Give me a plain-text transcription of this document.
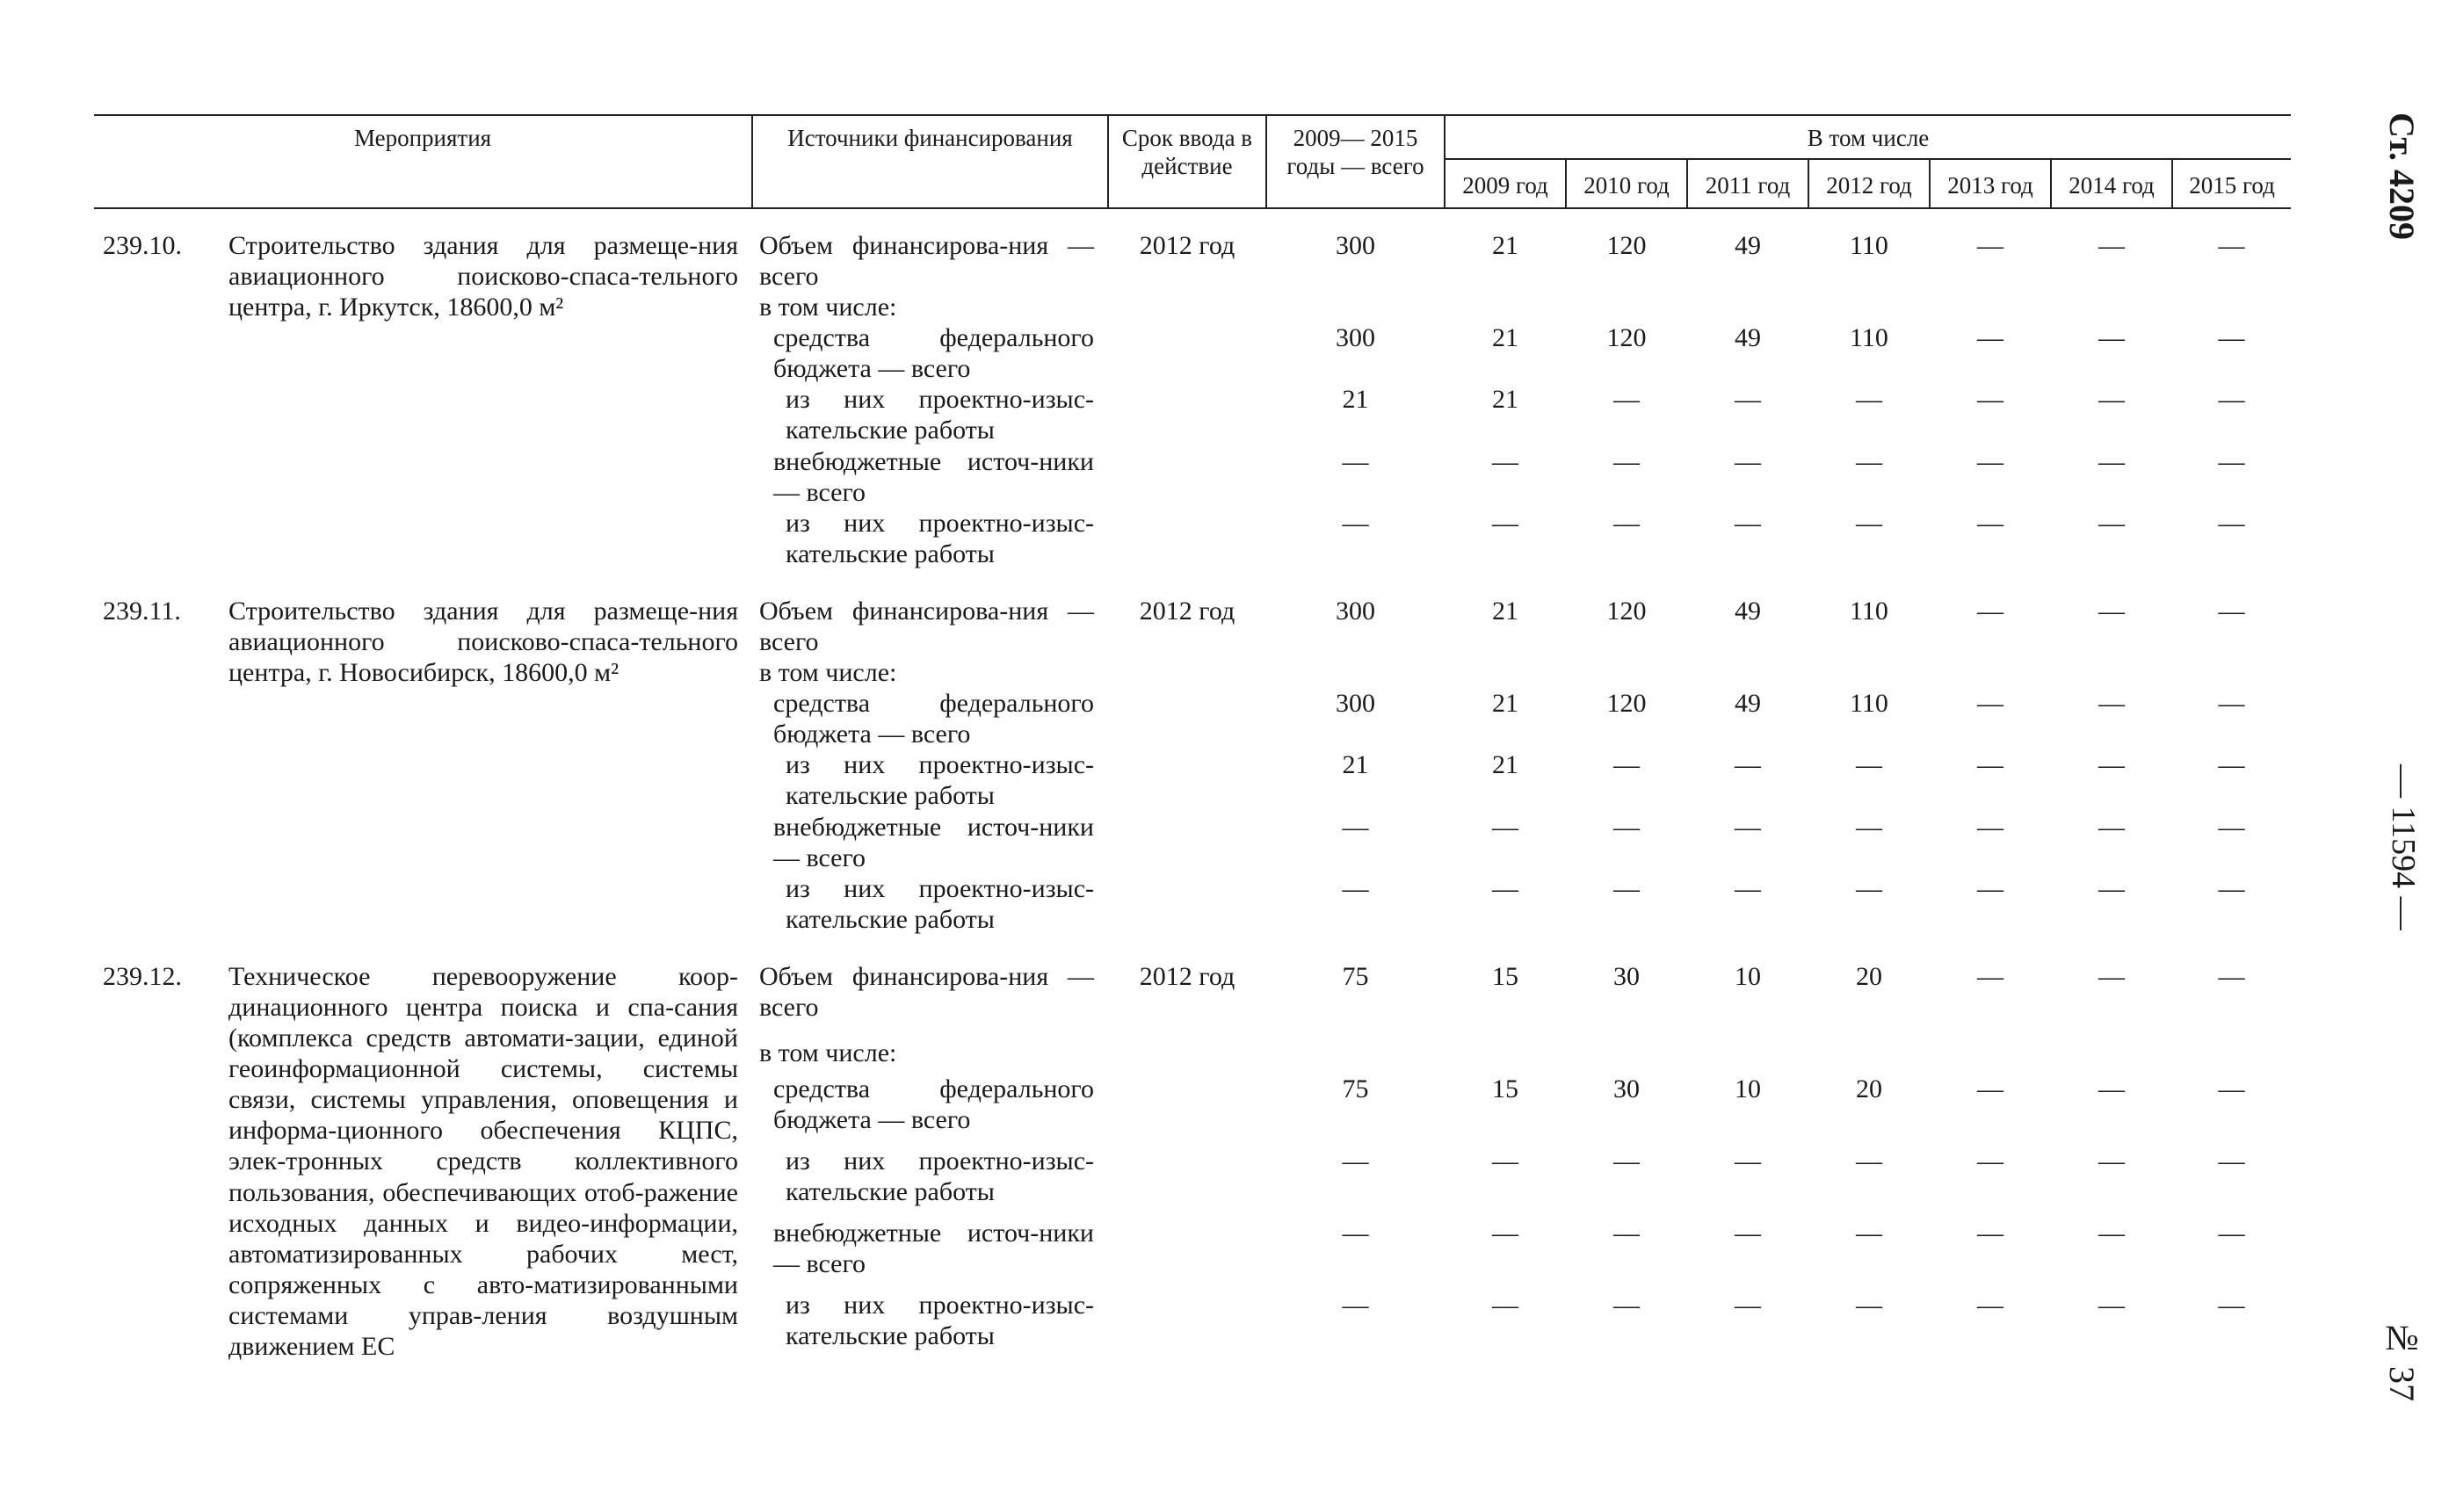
Мероприятия		Источники финансирования	Срок ввода в действие	2009— 2015 годы — всего	В том числе						
					2009 год	2010 год	2011 год	2012 год	2013 год	2014 год	2015 год
239.10.	Строительство здания для размеще-ния авиационного поисково-спаса-тельного центра, г. Иркутск, 18600,0 м²	Объем финансирова-ния — всего	2012 год	300	21	120	49	110	—	—	—

		в том числе:									

		средства федерального бюджета — всего		300	21	120	49	110	—	—	—

		из них проектно-изыс-кательские работы		21	21	—	—	—	—	—	—

		внебюджетные источ-ники — всего		—	—	—	—	—	—	—	—

		из них проектно-изыс-кательские работы		—	—	—	—	—	—	—	—
239.11.	Строительство здания для размеще-ния авиационного поисково-спаса-тельного центра, г. Новосибирск, 18600,0 м²	Объем финансирова-ния — всего	2012 год	300	21	120	49	110	—	—	—

		в том числе:									

		средства федерального бюджета — всего		300	21	120	49	110	—	—	—

		из них проектно-изыс-кательские работы		21	21	—	—	—	—	—	—

		внебюджетные источ-ники — всего		—	—	—	—	—	—	—	—

		из них проектно-изыс-кательские работы		—	—	—	—	—	—	—	—
239.12.	Техническое перевооружение коор-динационного центра поиска и спа-сания (комплекса средств автомати-зации, единой геоинформационной системы, системы связи, системы управления, оповещения и информа-ционного обеспечения КЦПС, элек-тронных средств коллективного пользования, обеспечивающих отоб-ражение исходных данных и видео-информации, автоматизированных рабочих мест, сопряженных с авто-матизированными системами управ-ления воздушным движением ЕС	Объем финансирова-ния — всего	2012 год	75	15	30	10	20	—	—	—

		в том числе:									

		средства федерального бюджета — всего		75	15	30	10	20	—	—	—

		из них проектно-изыс-кательские работы		—	—	—	—	—	—	—	—

		внебюджетные источ-ники — всего		—	—	—	—	—	—	—	—

		из них проектно-изыс-кательские работы		—	—	—	—	—	—	—	—
Ст. 4209
— 11594 —
№ 37
